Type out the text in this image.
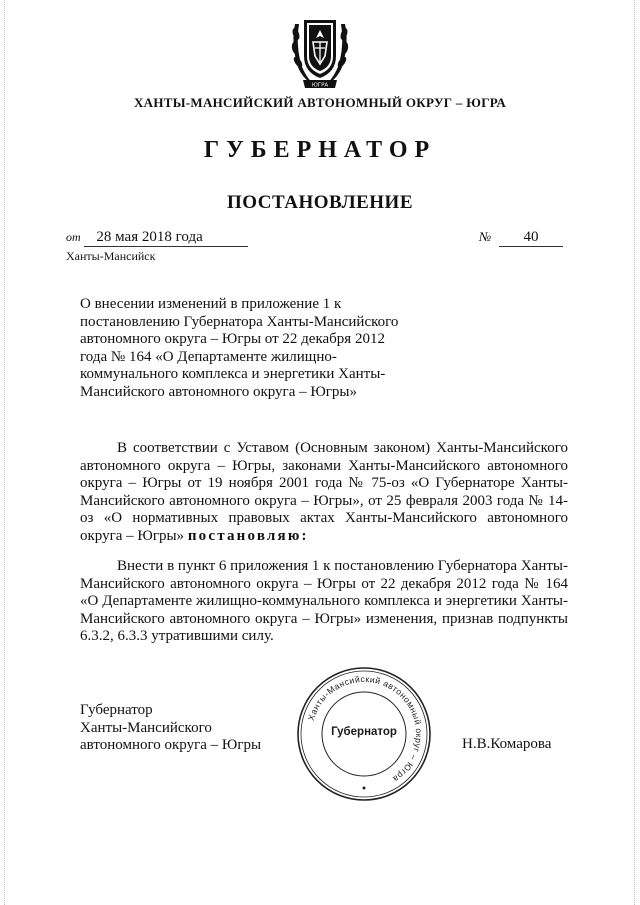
ЮГРА
ХАНТЫ-МАНСИЙСКИЙ АВТОНОМНЫЙ ОКРУГ – ЮГРА
ГУБЕРНАТОР
ПОСТАНОВЛЕНИЕ
от 28 мая 2018 года	№ 40
Ханты-Мансийск
О внесении изменений в приложение 1 к постановлению Губернатора Ханты-Мансийского автономного округа – Югры от 22 декабря 2012 года № 164 «О Департаменте жилищно-коммунального комплекса и энергетики Ханты-Мансийского автономного округа – Югры»
В соответствии с Уставом (Основным законом) Ханты-Мансийского автономного округа – Югры, законами Ханты-Мансийского автономного округа – Югры от 19 ноября 2001 года № 75-оз «О Губернаторе Ханты-Мансийского автономного округа – Югры», от 25 февраля 2003 года № 14-оз «О нормативных правовых актах Ханты-Мансийского автономного округа – Югры» постановляю:
Внести в пункт 6 приложения 1 к постановлению Губернатора Ханты-Мансийского автономного округа – Югры от 22 декабря 2012 года № 164 «О Департаменте жилищно-коммунального комплекса и энергетики Ханты-Мансийского автономного округа – Югры» изменения, признав подпункты 6.3.2, 6.3.3 утратившими силу.
Губернатор
Ханты-Мансийского
автономного округа – Югры
Ханты-Мансийский автономный округ – Югра
Губернатор
Н.В.Комарова
